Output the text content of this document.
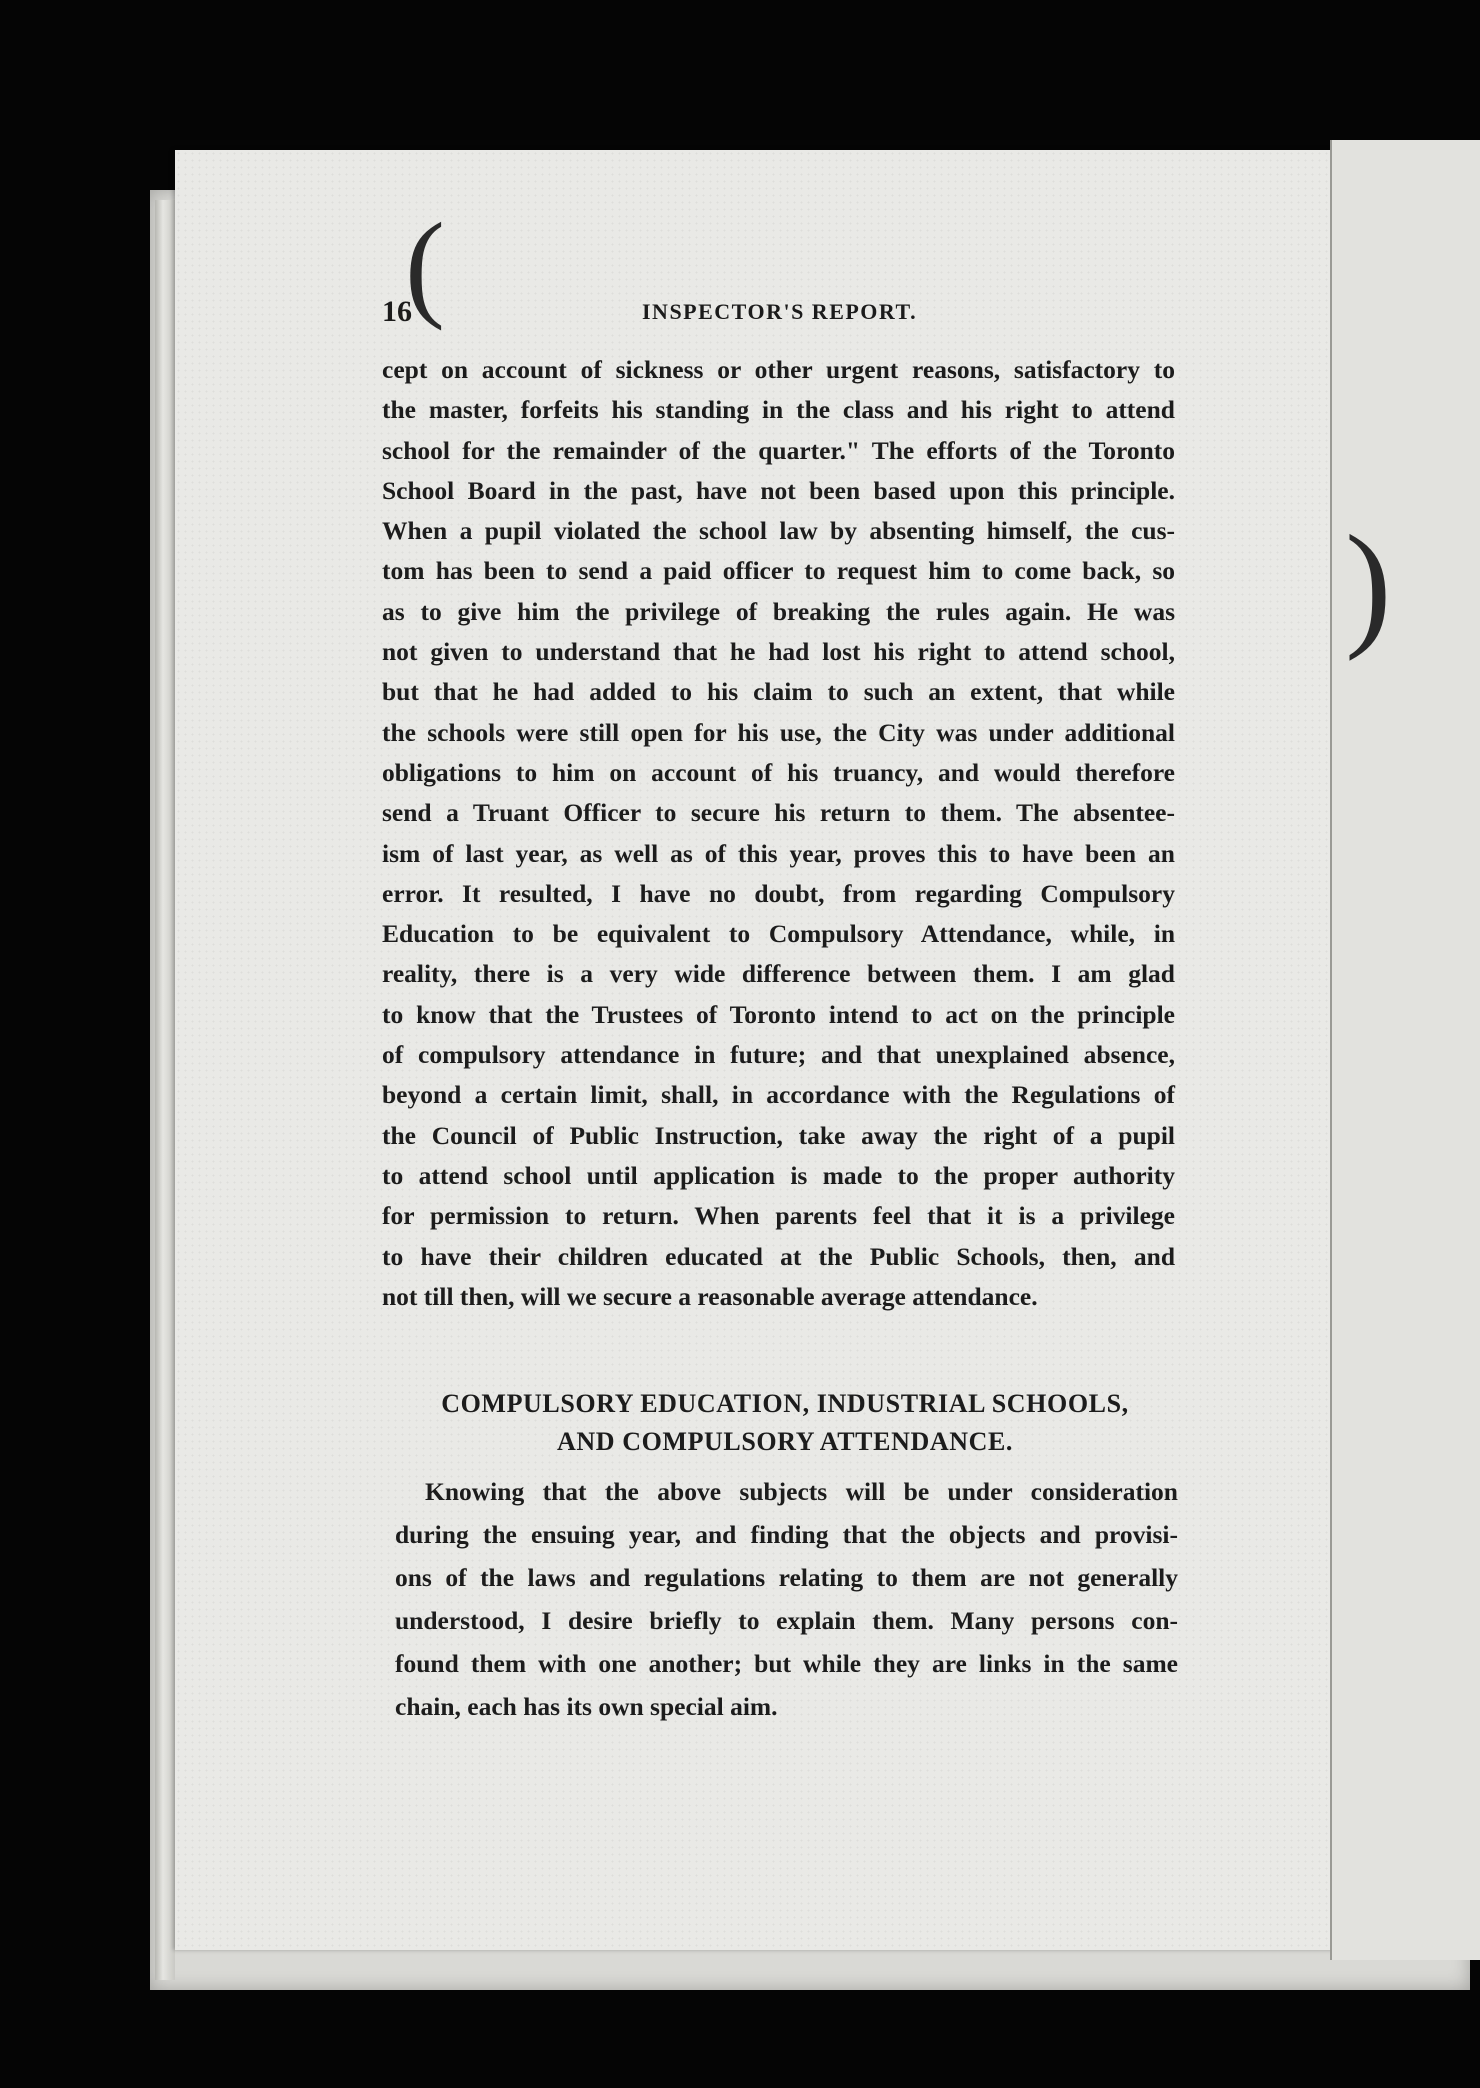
(
)
16	INSPECTOR'S REPORT.
cept on account of sickness or other urgent reasons, satisfactory to
the master, forfeits his standing in the class and his right to attend
school for the remainder of the quarter." The efforts of the Toronto
School Board in the past, have not been based upon this principle.
When a pupil violated the school law by absenting himself, the cus-
tom has been to send a paid officer to request him to come back, so
as to give him the privilege of breaking the rules again. He was
not given to understand that he had lost his right to attend school,
but that he had added to his claim to such an extent, that while
the schools were still open for his use, the City was under additional
obligations to him on account of his truancy, and would therefore
send a Truant Officer to secure his return to them. The absentee-
ism of last year, as well as of this year, proves this to have been an
error. It resulted, I have no doubt, from regarding Compulsory
Education to be equivalent to Compulsory Attendance, while, in
reality, there is a very wide difference between them. I am glad
to know that the Trustees of Toronto intend to act on the principle
of compulsory attendance in future; and that unexplained absence,
beyond a certain limit, shall, in accordance with the Regulations of
the Council of Public Instruction, take away the right of a pupil
to attend school until application is made to the proper authority
for permission to return. When parents feel that it is a privilege
to have their children educated at the Public Schools, then, and
not till then, will we secure a reasonable average attendance.
COMPULSORY EDUCATION, INDUSTRIAL SCHOOLS,
AND COMPULSORY ATTENDANCE.
Knowing that the above subjects will be under consideration
during the ensuing year, and finding that the objects and provisi-
ons of the laws and regulations relating to them are not generally
understood, I desire briefly to explain them. Many persons con-
found them with one another; but while they are links in the same
chain, each has its own special aim.
